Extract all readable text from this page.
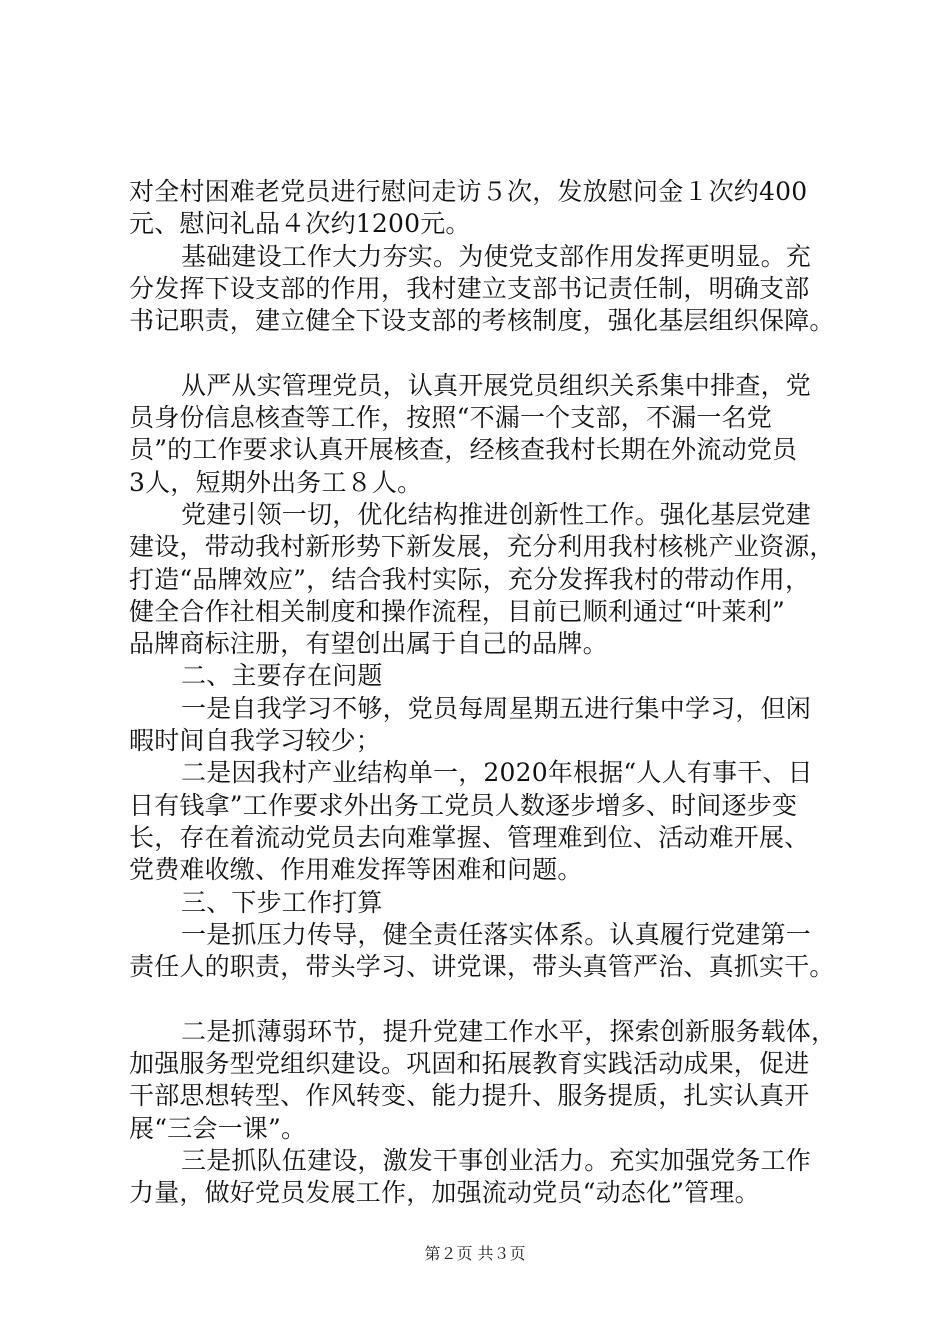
对全村困难老党员进行慰问走访５次，发放慰问金１次约400
元、慰问礼品４次约1200元。
基础建设工作大力夯实。为使党支部作用发挥更明显。充
分发挥下设支部的作用，我村建立支部书记责任制，明确支部
书记职责，建立健全下设支部的考核制度，强化基层组织保障。
从严从实管理党员，认真开展党员组织关系集中排查，党
员身份信息核查等工作，按照“不漏一个支部，不漏一名党
员”的工作要求认真开展核查，经核查我村长期在外流动党员
3人，短期外出务工８人。
党建引领一切，优化结构推进创新性工作。强化基层党建
建设，带动我村新形势下新发展，充分利用我村核桃产业资源，
打造“品牌效应”，结合我村实际，充分发挥我村的带动作用，
健全合作社相关制度和操作流程，目前已顺利通过“叶莱利”
品牌商标注册，有望创出属于自己的品牌。
二、主要存在问题
一是自我学习不够，党员每周星期五进行集中学习，但闲
暇时间自我学习较少；
二是因我村产业结构单一，2020年根据“人人有事干、日
日有钱拿”工作要求外出务工党员人数逐步增多、时间逐步变
长，存在着流动党员去向难掌握、管理难到位、活动难开展、
党费难收缴、作用难发挥等困难和问题。
三、下步工作打算
一是抓压力传导，健全责任落实体系。认真履行党建第一
责任人的职责，带头学习、讲党课，带头真管严治、真抓实干。
二是抓薄弱环节，提升党建工作水平，探索创新服务载体，
加强服务型党组织建设。巩固和拓展教育实践活动成果，促进
干部思想转型、作风转变、能力提升、服务提质，扎实认真开
展“三会一课”。
三是抓队伍建设，激发干事创业活力。充实加强党务工作
力量，做好党员发展工作，加强流动党员“动态化”管理。
第２页 共３页
